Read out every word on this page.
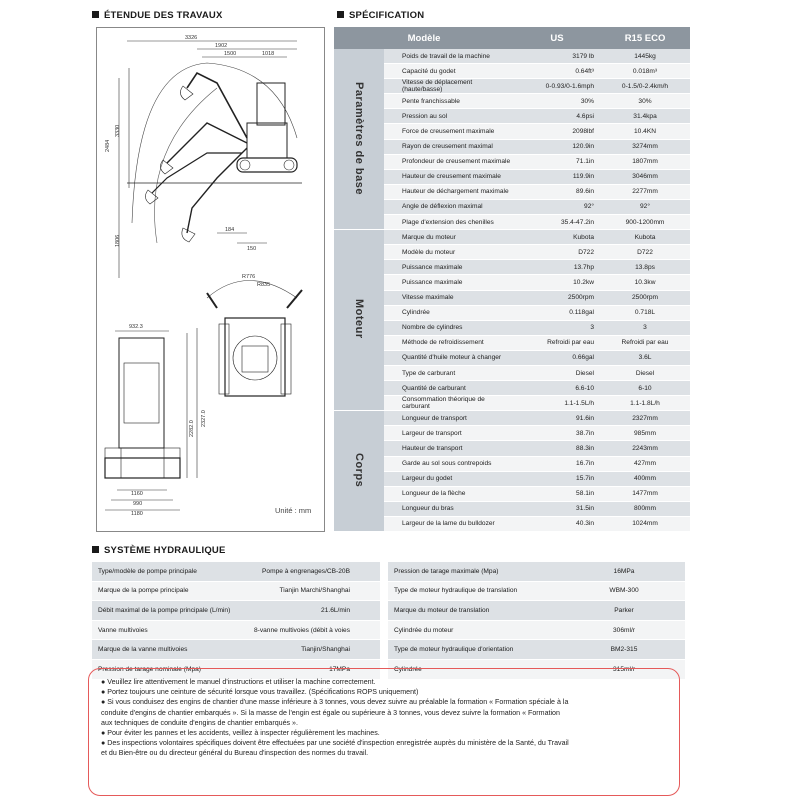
ÉTENDUE DES TRAVAUX	SPÉCIFICATION
3326
1902
1500	1018
2484
3330
1806
184
150
R776
R835
932.3
2282.0
2327.0
1160
990
1180	Unité : mm
Modèle		US	R15 ECO
Paramètres de base	Poids de travail de la machine	3179 lb	1445kg
	Capacité du godet	0.64ft³	0.018m³
	Vitesse de déplacement (haute/basse)	0-0.93/0-1.6mph	0-1.5/0-2.4km/h
	Pente franchissable	30%	30%
	Pression au sol	4.6psi	31.4kpa
	Force de creusement maximale	2098lbf	10.4KN
	Rayon de creusement maximal	120.9in	3274mm
	Profondeur de creusement maximale	71.1in	1807mm
	Hauteur de creusement maximale	119.9in	3046mm
	Hauteur de déchargement maximale	89.6in	2277mm
	Angle de déflexion maximal	92°	92°
	Plage d'extension des chenilles	35.4-47.2in	900-1200mm
Moteur	Marque du moteur	Kubota	Kubota
	Modèle du moteur	D722	D722
	Puissance maximale	13.7hp	13.8ps
	Puissance maximale	10.2kw	10.3kw
	Vitesse maximale	2500rpm	2500rpm
	Cylindrée	0.118gal	0.718L
	Nombre de cylindres	3	3
	Méthode de refroidissement	Refroidi par eau	Refroidi par eau
	Quantité d'huile moteur à changer	0.66gal	3.6L
	Type de carburant	Diesel	Diesel
	Quantité de carburant	6.6-10	6-10
	Consommation théorique de carburant	1.1-1.5L/h	1.1-1.8L/h
Corps	Longueur de transport	91.6in	2327mm
	Largeur de transport	38.7in	985mm
	Hauteur de transport	88.3in	2243mm
	Garde au sol sous contrepoids	16.7in	427mm
	Largeur du godet	15.7in	400mm
	Longueur de la flèche	58.1in	1477mm
	Longueur du bras	31.5in	800mm
	Largeur de la lame du bulldozer	40.3in	1024mm
SYSTÈME HYDRAULIQUE
Type/modèle de pompe principale	Pompe à engrenages/CB-20B
Marque de la pompe principale	Tianjin Marchi/Shanghai
Débit maximal de la pompe principale (L/min)	21.6L/min
Vanne multivoies	8-vanne multivoies (débit à voies
Marque de la vanne multivoies	Tianjin/Shanghai
Pression de tarage nominale (Mpa)	17MPa
Pression de tarage maximale (Mpa)	16MPa
Type de moteur hydraulique de translation	WBM-300
Marque du moteur de translation	Parker
Cylindrée du moteur	306ml/r
Type de moteur hydraulique d'orientation	BM2-315
Cylindrée	315ml/r

● Veuillez lire attentivement le manuel d'instructions et utiliser la machine correctement.

● Portez toujours une ceinture de sécurité lorsque vous travaillez. (Spécifications ROPS uniquement)

● Si vous conduisez des engins de chantier d'une masse inférieure à 3 tonnes, vous devez suivre au préalable la formation « Formation spéciale à la

conduite d'engins de chantier embarqués ». Si la masse de l'engin est égale ou supérieure à 3 tonnes, vous devez suivre la formation « Formation

aux techniques de conduite d'engins de chantier embarqués ».

● Pour éviter les pannes et les accidents, veillez à inspecter régulièrement les machines.

● Des inspections volontaires spécifiques doivent être effectuées par une société d'inspection enregistrée auprès du ministère de la Santé, du Travail

et du Bien-être ou du directeur général du Bureau d'inspection des normes du travail.
